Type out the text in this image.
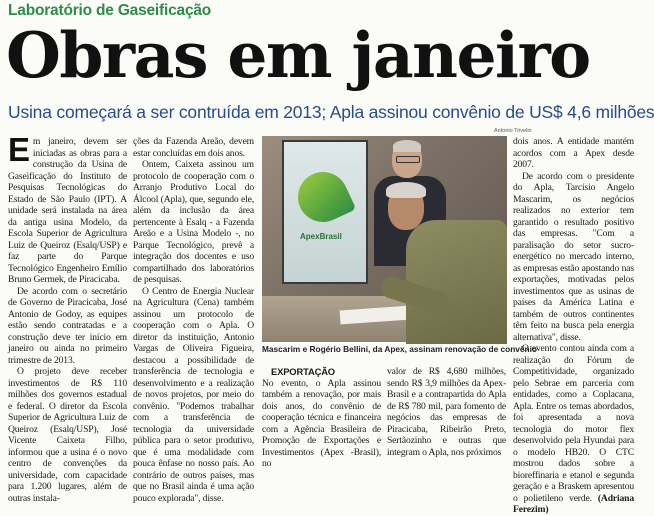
Laboratório de Gaseificação
Obras em janeiro
Usina começará a ser contruída em 2013; Apla assinou convênio de US$ 4,6 milhões

Em janeiro, devem ser iniciadas as obras para a construção da Usina de Gaseificação do Instituto de Pesquisas Tecnológicas do Estado de São Paulo (IPT). A unidade será instalada na área da antiga usina Modelo, da Escola Superior de Agricultura Luiz de Queiroz (Esalq/USP) e faz parte do Parque Tecnológico Engenheiro Emílio Bruno Germek, de Piracicaba.

De acordo com o secretário de Governo de Piracicaba, José Antonio de Godoy, as equipes estão sendo contratadas e a construção deve ter início em janeiro ou ainda no primeiro trimestre de 2013.

O projeto deve receber investimentos de R$ 110 milhões dos governos estadual e federal. O diretor da Escola Superior de Agricultura Luiz de Queiroz (Esalq/USP), José Vicente Caixeta Filho, informou que a usina é o novo centro de convenções da universidade, com capacidade para 1.200 lugares, além de outras instala-

ções da Fazenda Areão, devem estar concluídas em dois anos.

Ontem, Caixeta assinou um protocolo de cooperação com o Arranjo Produtivo Local do Álcool (Apla), que, segundo ele, além da inclusão da área pertencente à Esalq - a Fazenda Areão e a Usina Modelo -, no Parque Tecnológico, prevê a integração dos docentes e uso compartilhado dos laboratórios de pesquisas.

O Centro de Energia Nuclear na Agricultura (Cena) também assinou um protocolo de cooperação com o Apla. O diretor da instituição, Antonio Vargas de Oliveira Figueira, destacou a possibilidade de transferência de tecnologia e desenvolvimento e a realização de novos projetos, por meio do convênio. "Podemos trabalhar com a transferência de tecnologia da universidade pública para o setor produtivo, que é uma modalidade com pouca ênfase no nosso país. Ao contrário de outros países, mas que no Brasil ainda é uma ação pouco explorada", disse.

Antonio Trivelin
ApexBrasil
Mascarim e Rogério Bellini, da Apex, assinam renovação de convênio

EXPORTAÇÃO

No evento, o Apla assinou também a renovação, por mais dois anos, do convênio de cooperação técnica e financeira com a Agência Brasileira de Promoção de Exportações e Investimentos (Apex -Brasil), no

valor de R$ 4,680 milhões, sendo R$ 3,9 milhões da Apex-Brasil e a contrapartida do Apla de R$ 780 mil, para fomento de negócios das empresas de Piracicaba, Ribeirão Preto, Sertãozinho e outras que integram o Apla, nos próximos

dois anos. A entidade mantém acordos com a Apex desde 2007.

De acordo com o presidente do Apla, Tarcísio Angelo Mascarim, os negócios realizados no exterior tem garantido o resultado positivo das empresas. "Com a paralisação do setor sucro-energético no mercado interno, as empresas estão apostando nas exportações, motivadas pelos investimentos que as usinas de países da América Latina e também de outros continentes têm feito na busca pela energia alternativa", disse.

O evento contou ainda com a realização do Fórum de Competitividade, organizado pelo Sebrae em parceria com entidades, como a Coplacana, Apla. Entre os temas abordados, foi apresentada a nova tecnologia do motor flex desenvolvido pela Hyundai para o modelo HB20. O CTC mostrou dados sobre a bioreffinaria e etanol e segunda geração e a Braskem apresentou o polietileno verde. (Adriana Ferezim)
